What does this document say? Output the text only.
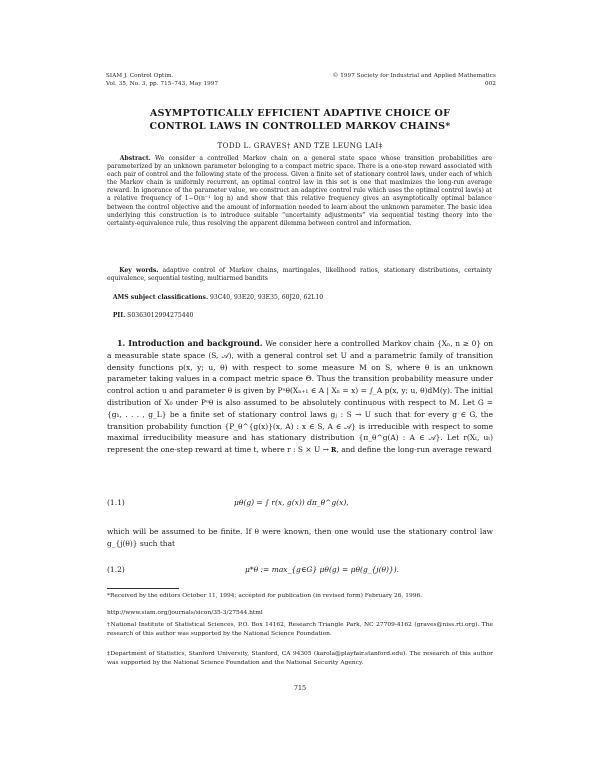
SIAM J. Control Optim.
Vol. 35, No. 3, pp. 715–743, May 1997
© 1997 Society for Industrial and Applied Mathematics
002
ASYMPTOTICALLY EFFICIENT ADAPTIVE CHOICE OF
CONTROL LAWS IN CONTROLLED MARKOV CHAINS*
TODD L. GRAVES† AND TZE LEUNG LAI‡
Abstract. We consider a controlled Markov chain on a general state space whose transition probabilities are parameterized by an unknown parameter belonging to a compact metric space. There is a one-step reward associated with each pair of control and the following state of the process. Given a finite set of stationary control laws, under each of which the Markov chain is uniformly recurrent, an optimal control law in this set is one that maximizes the long-run average reward. In ignorance of the parameter value, we construct an adaptive control rule which uses the optimal control law(s) at a relative frequency of 1−O(n⁻¹ log n) and show that this relative frequency gives an asymptotically optimal balance between the control objective and the amount of information needed to learn about the unknown parameter. The basic idea underlying this construction is to introduce suitable “uncertainty adjustments” via sequential testing theory into the certainty-equivalence rule, thus resolving the apparent dilemma between control and information.
Key words. adaptive control of Markov chains, martingales, likelihood ratios, stationary distributions, certainty equivalence, sequential testing, multiarmed bandits
AMS subject classifications. 93C40, 93E20, 93E35, 60J20, 62L10
PII. S0363012994275440
1. Introduction and background. We consider here a controlled Markov chain {Xₙ, n ≥ 0} on a measurable state space (S, 𝒜), with a general control set U and a parametric family of transition density functions p(x, y; u, θ) with respect to some measure M on S, where θ is an unknown parameter taking values in a compact metric space Θ. Thus the transition probability measure under control action u and parameter θ is given by Pᵘθ(Xₙ₊₁ ∈ A | Xₙ = x) = ∫_A p(x, y; u, θ)dM(y). The initial distribution of X₀ under Pᵘθ is also assumed to be absolutely continuous with respect to M. Let G = {g₁, . . . , g_L} be a finite set of stationary control laws gⱼ : S → U such that for every g ∈ G, the transition probability function {P_θ^{g(x)}(x, A) : x ∈ S, A ∈ 𝒜} is irreducible with respect to some maximal irreducibility measure and has stationary distribution {π_θ^g(A) : A ∈ 𝒜}. Let r(Xₜ, uₜ) represent the one-step reward at time t, where r : S × U → 𝐑, and define the long-run average reward
(1.1)	μθ(g) = ∫ r(x, g(x)) dπ_θ^g(x),
which will be assumed to be finite. If θ were known, then one would use the stationary control law g_{j(θ)} such that
(1.2)	μ*θ := max_{g∈G} μθ(g) = μθ(g_{j(θ)}).
*Received by the editors October 11, 1994; accepted for publication (in revised form) February 26, 1996.
http://www.siam.org/journals/sicon/35-3/27544.html
†National Institute of Statistical Sciences, P.O. Box 14162, Research Triangle Park, NC 27709-4162 (graves@niss.rti.org). The research of this author was supported by the National Science Foundation.
‡Department of Statistics, Stanford University, Stanford, CA 94305 (karola@playfair.stanford.edu). The research of this author was supported by the National Science Foundation and the National Security Agency.
715
